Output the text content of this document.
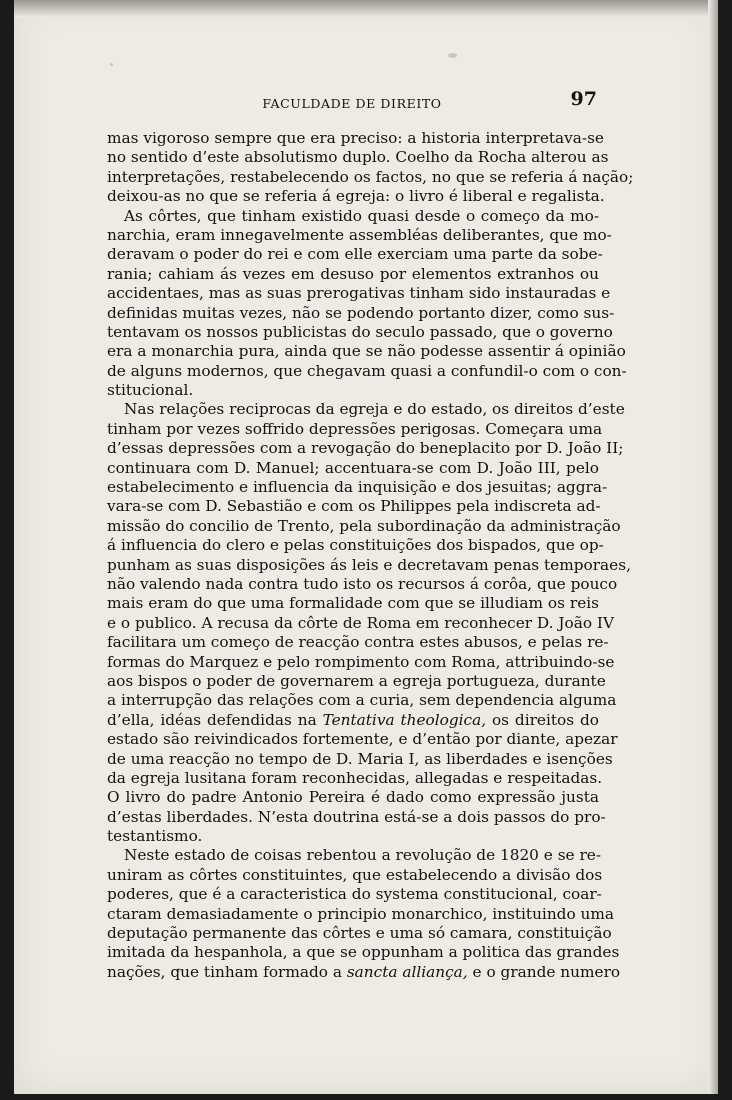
FACULDADE DE DIREITO	97
mas vigoroso sempre que era preciso: a historia interpretava-se
no sentido d’este absolutismo duplo. Coelho da Rocha alterou as
interpretações, restabelecendo os factos, no que se referia á nação;
deixou-as no que se referia á egreja: o livro é liberal e regalista.
As côrtes, que tinham existido quasi desde o começo da mo-
narchia, eram innegavelmente assembléas deliberantes, que mo-
deravam o poder do rei e com elle exerciam uma parte da sobe-
rania; cahiam ás vezes em desuso por elementos extranhos ou
accidentaes, mas as suas prerogativas tinham sido instauradas e
definidas muitas vezes, não se podendo portanto dizer, como sus-
tentavam os nossos publicistas do seculo passado, que o governo
era a monarchia pura, ainda que se não podesse assentir á opinião
de alguns modernos, que chegavam quasi a confundil-o com o con-
stitucional.
Nas relações reciprocas da egreja e do estado, os direitos d’este
tinham por vezes soffrido depressões perigosas. Começara uma
d’essas depressões com a revogação do beneplacito por D. João II;
continuara com D. Manuel; accentuara-se com D. João III, pelo
estabelecimento e influencia da inquisição e dos jesuitas; aggra-
vara-se com D. Sebastião e com os Philippes pela indiscreta ad-
missão do concilio de Trento, pela subordinação da administração
á influencia do clero e pelas constituições dos bispados, que op-
punham as suas disposições ás leis e decretavam penas temporaes,
não valendo nada contra tudo isto os recursos á corôa, que pouco
mais eram do que uma formalidade com que se illudiam os reis
e o publico. A recusa da côrte de Roma em reconhecer D. João IV
facilitara um começo de reacção contra estes abusos, e pelas re-
formas do Marquez e pelo rompimento com Roma, attribuindo-se
aos bispos o poder de governarem a egreja portugueza, durante
a interrupção das relações com a curia, sem dependencia alguma
d’ella, idéas defendidas na Tentativa theologica, os direitos do
estado são reivindicados fortemente, e d’então por diante, apezar
de uma reacção no tempo de D. Maria I, as liberdades e isenções
da egreja lusitana foram reconhecidas, allegadas e respeitadas.
O livro do padre Antonio Pereira é dado como expressão justa
d’estas liberdades. N’esta doutrina está-se a dois passos do pro-
testantismo.
Neste estado de coisas rebentou a revolução de 1820 e se re-
uniram as côrtes constituintes, que estabelecendo a divisão dos
poderes, que é a caracteristica do systema constitucional, coar-
ctaram demasiadamente o principio monarchico, instituindo uma
deputação permanente das côrtes e uma só camara, constituição
imitada da hespanhola, a que se oppunham a politica das grandes
nações, que tinham formado a sancta alliança, e o grande numero
